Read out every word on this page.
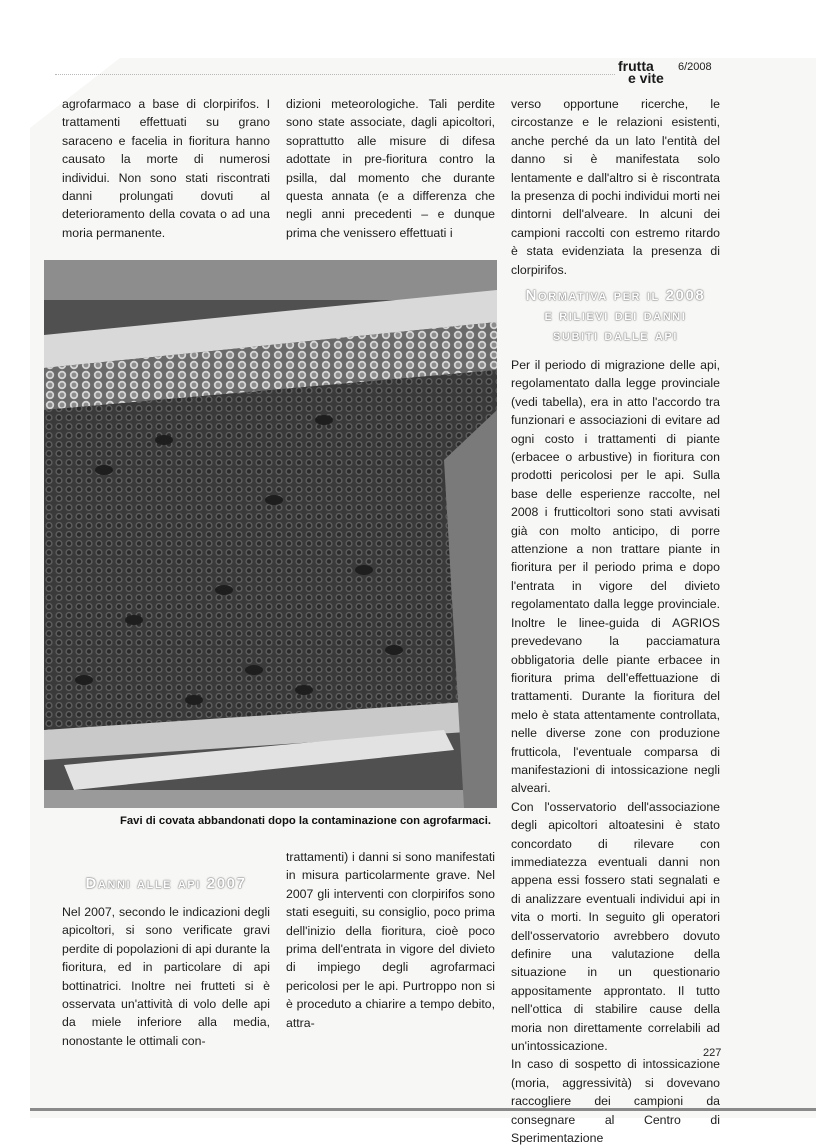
frutta
e vite
6/2008

agrofarmaco a base di clorpirifos. I trattamenti effettuati su grano saraceno e facelia in fioritura hanno causato la morte di numerosi individui. Non sono stati riscontrati danni prolungati dovuti al deterioramento della covata o ad una moria permanente.

dizioni meteorologiche. Tali perdite sono state associate, dagli apicoltori, soprattutto alle misure di difesa adottate in pre-fioritura contro la psilla, dal momento che durante questa annata (e a differenza che negli anni precedenti – e dunque prima che venissero effettuati i

verso opportune ricerche, le circostanze e le relazioni esistenti, anche perché da un lato l'entità del danno si è manifestata solo lentamente e dall'altro si è riscontrata la presenza di pochi individui morti nei dintorni dell'alveare. In alcuni dei campioni raccolti con estremo ritardo è stata evidenziata la presenza di clorpirifos.

Normativa per il 2008
e rilievi dei danni
subiti dalle api

Per il periodo di migrazione delle api, regolamentato dalla legge provinciale (vedi tabella), era in atto l'accordo tra funzionari e associazioni di evitare ad ogni costo i trattamenti di piante (erbacee o arbustive) in fioritura con prodotti pericolosi per le api. Sulla base delle esperienze raccolte, nel 2008 i frutticoltori sono stati avvisati già con molto anticipo, di porre attenzione a non trattare piante in fioritura per il periodo prima e dopo l'entrata in vigore del divieto regolamentato dalla legge provinciale. Inoltre le linee-guida di AGRIOS prevedevano la pacciamatura obbligatoria delle piante erbacee in fioritura prima dell'effettuazione di trattamenti. Durante la fioritura del melo è stata attentamente controllata, nelle diverse zone con produzione frutticola, l'eventuale comparsa di manifestazioni di intossicazione negli alveari.

Con l'osservatorio dell'associazione degli apicoltori altoatesini è stato concordato di rilevare con immediatezza eventuali danni non appena essi fossero stati segnalati e di analizzare eventuali individui api in vita o morti. In seguito gli operatori dell'osservatorio avrebbero dovuto definire una valutazione della situazione in un questionario appositamente approntato. Il tutto nell'ottica di stabilire cause della moria non direttamente correlabili ad un'intossicazione.

In caso di sospetto di intossicazione (moria, aggressività) si dovevano raccogliere dei campioni da consegnare al Centro di Sperimentazione

Favi di covata abbandonati dopo la contaminazione con agrofarmaci.
Danni alle api 2007

Nel 2007, secondo le indicazioni degli apicoltori, si sono verificate gravi perdite di popolazioni di api durante la fioritura, ed in particolare di api bottinatrici. Inoltre nei frutteti si è osservata un'attività di volo delle api da miele inferiore alla media, nonostante le ottimali con-

trattamenti) i danni si sono manifestati in misura particolarmente grave. Nel 2007 gli interventi con clorpirifos sono stati eseguiti, su consiglio, poco prima dell'inizio della fioritura, cioè poco prima dell'entrata in vigore del divieto di impiego degli agrofarmaci pericolosi per le api. Purtroppo non si è proceduto a chiarire a tempo debito, attra-

227
